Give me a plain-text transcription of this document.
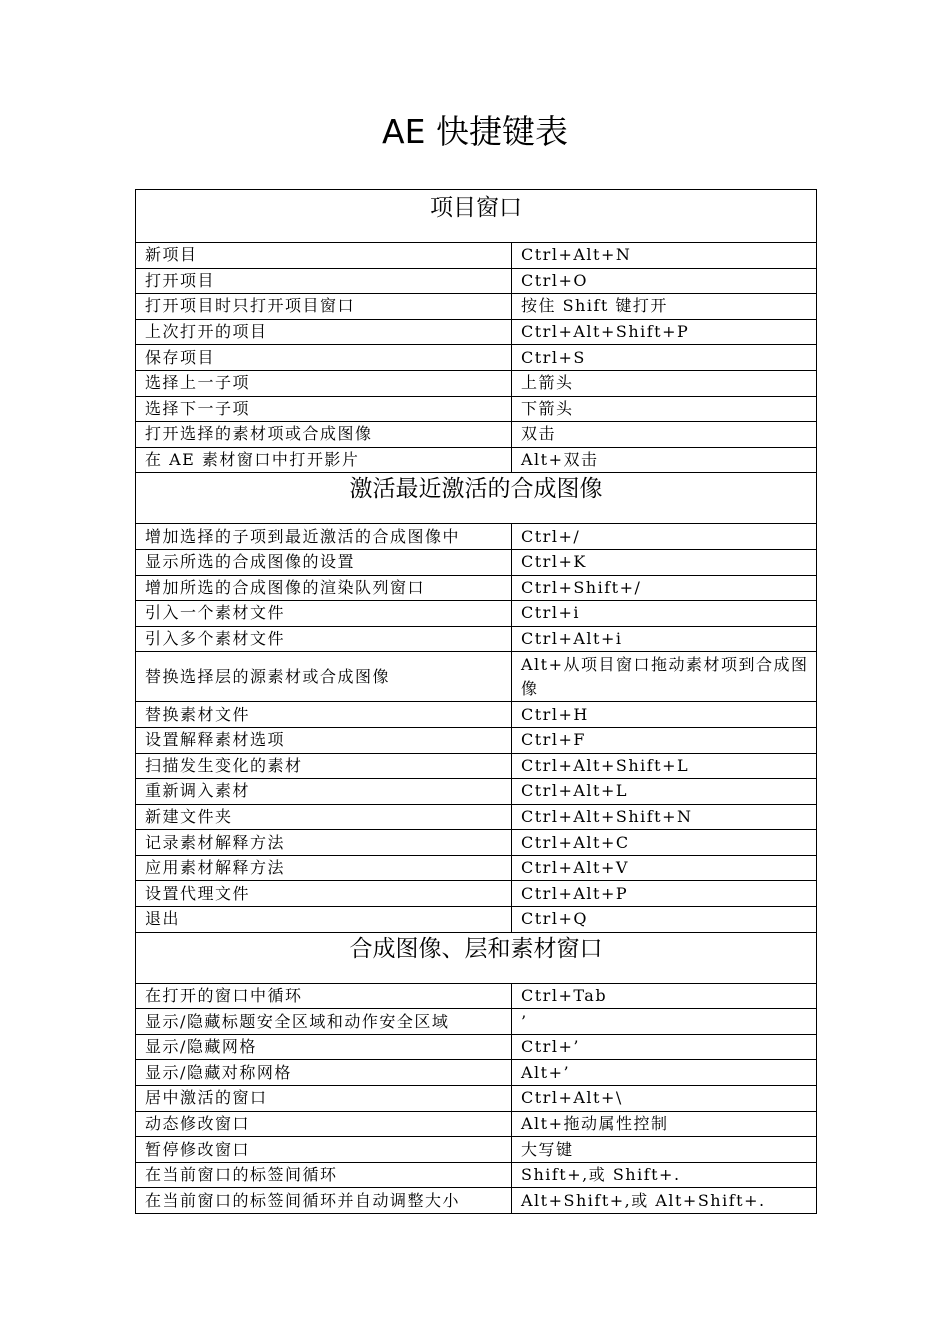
AE 快捷键表
项目窗口	
新项目	Ctrl+Alt+N
打开项目	Ctrl+O
打开项目时只打开项目窗口	按住 Shift 键打开
上次打开的项目	Ctrl+Alt+Shift+P
保存项目	Ctrl+S
选择上一子项	上箭头
选择下一子项	下箭头
打开选择的素材项或合成图像	双击
在 AE 素材窗口中打开影片	Alt+双击
激活最近激活的合成图像	
增加选择的子项到最近激活的合成图像中	Ctrl+/
显示所选的合成图像的设置	Ctrl+K
增加所选的合成图像的渲染队列窗口	Ctrl+Shift+/
引入一个素材文件	Ctrl+i
引入多个素材文件	Ctrl+Alt+i
替换选择层的源素材或合成图像	Alt+从项目窗口拖动素材项到合成图像
替换素材文件	Ctrl+H
设置解释素材选项	Ctrl+F
扫描发生变化的素材	Ctrl+Alt+Shift+L
重新调入素材	Ctrl+Alt+L
新建文件夹	Ctrl+Alt+Shift+N
记录素材解释方法	Ctrl+Alt+C
应用素材解释方法	Ctrl+Alt+V
设置代理文件	Ctrl+Alt+P
退出	Ctrl+Q
合成图像、层和素材窗口	
在打开的窗口中循环	Ctrl+Tab
显示/隐藏标题安全区域和动作安全区域	’
显示/隐藏网格	Ctrl+’
显示/隐藏对称网格	Alt+’
居中激活的窗口	Ctrl+Alt+\
动态修改窗口	Alt+拖动属性控制
暂停修改窗口	大写键
在当前窗口的标签间循环	Shift+,或 Shift+.
在当前窗口的标签间循环并自动调整大小	Alt+Shift+,或 Alt+Shift+.
